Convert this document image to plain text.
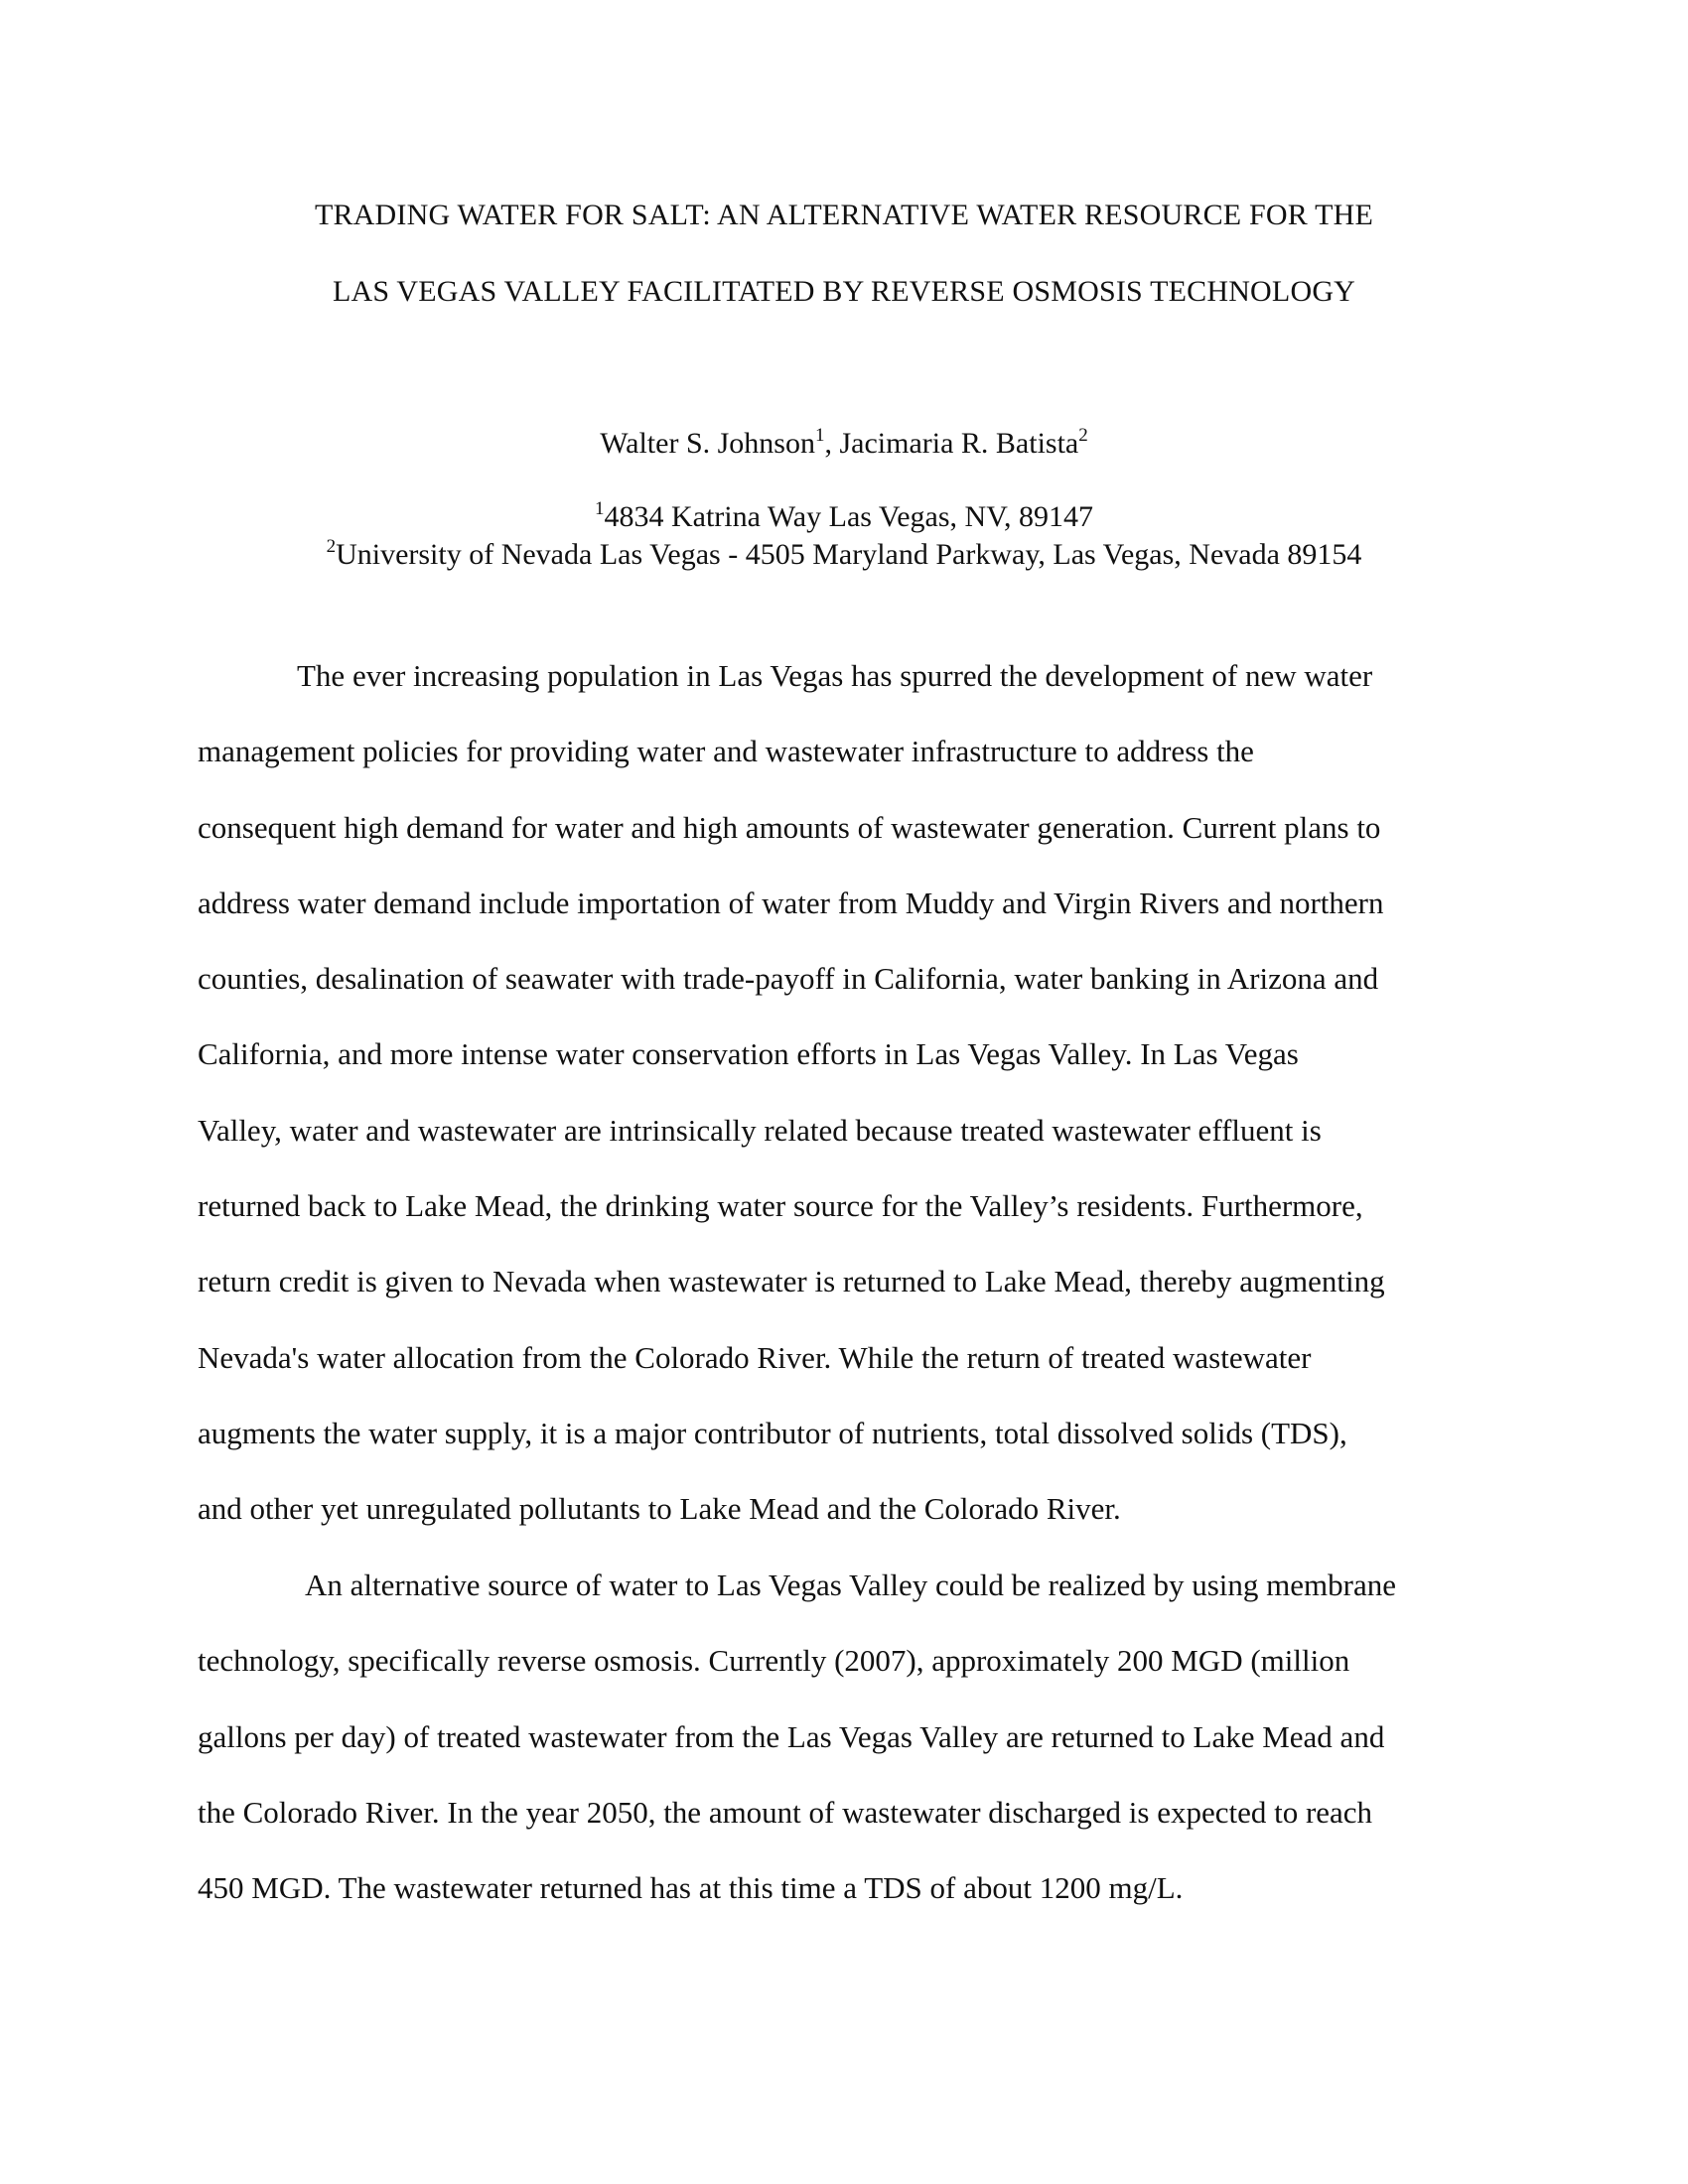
TRADING WATER FOR SALT: AN ALTERNATIVE WATER RESOURCE FOR THE
LAS VEGAS VALLEY FACILITATED BY REVERSE OSMOSIS TECHNOLOGY
Walter S. Johnson$^1$, Jacimaria R. Batista$^2$
$^1$4834 Katrina Way Las Vegas, NV, 89147
$^2$University of Nevada Las Vegas - 4505 Maryland Parkway, Las Vegas, Nevada 89154
The ever increasing population in Las Vegas has spurred the development of new water
management policies for providing water and wastewater infrastructure to address the
consequent high demand for water and high amounts of wastewater generation. Current plans to
address water demand include importation of water from Muddy and Virgin Rivers and northern
counties, desalination of seawater with trade-payoff in California, water banking in Arizona and
California, and more intense water conservation efforts in Las Vegas Valley. In Las Vegas
Valley, water and wastewater are intrinsically related because treated wastewater effluent is
returned back to Lake Mead, the drinking water source for the Valley’s residents. Furthermore,
return credit is given to Nevada when wastewater is returned to Lake Mead, thereby augmenting
Nevada's water allocation from the Colorado River. While the return of treated wastewater
augments the water supply, it is a major contributor of nutrients, total dissolved solids (TDS),
and other yet unregulated pollutants to Lake Mead and the Colorado River.
An alternative source of water to Las Vegas Valley could be realized by using membrane
technology, specifically reverse osmosis. Currently (2007), approximately 200 MGD (million
gallons per day) of treated wastewater from the Las Vegas Valley are returned to Lake Mead and
the Colorado River. In the year 2050, the amount of wastewater discharged is expected to reach
450 MGD. The wastewater returned has at this time a TDS of about 1200 mg/L.
